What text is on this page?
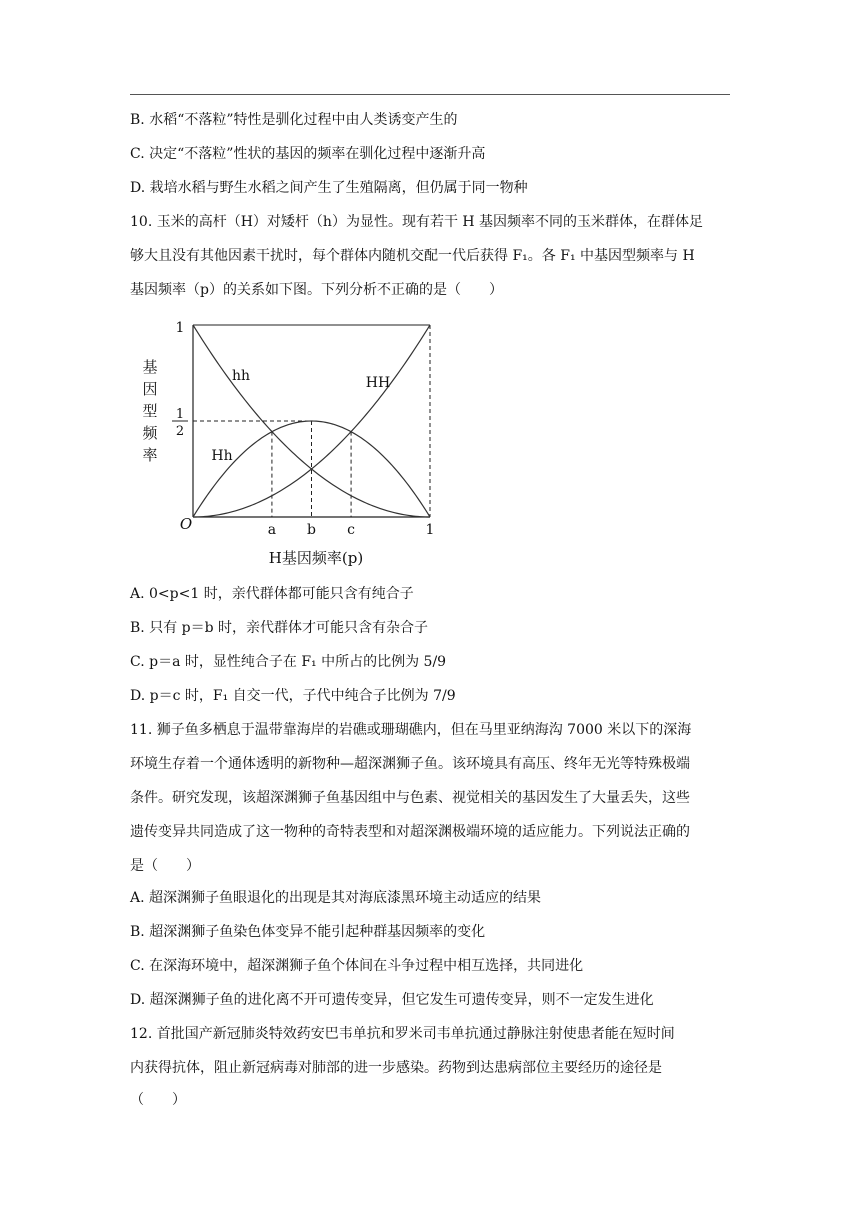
B. 水稻“不落粒”特性是驯化过程中由人类诱变产生的
C. 决定“不落粒”性状的基因的频率在驯化过程中逐渐升高
D. 栽培水稻与野生水稻之间产生了生殖隔离，但仍属于同一物种
10. 玉米的高杆（H）对矮杆（h）为显性。现有若干 H 基因频率不同的玉米群体，在群体足
够大且没有其他因素干扰时，每个群体内随机交配一代后获得 F₁。各 F₁ 中基因型频率与 H
基因频率（p）的关系如下图。下列分析不正确的是（　　）
基
因
型
频
率
1
1
2
O	a b c	1
H基因频率(p)
hh
Hh
HH
A. 0<p<1 时，亲代群体都可能只含有纯合子
B. 只有 p＝b 时，亲代群体才可能只含有杂合子
C. p＝a 时，显性纯合子在 F₁ 中所占的比例为 5/9
D. p＝c 时，F₁ 自交一代，子代中纯合子比例为 7/9
11. 狮子鱼多栖息于温带靠海岸的岩礁或珊瑚礁内，但在马里亚纳海沟 7000 米以下的深海
环境生存着一个通体透明的新物种—超深渊狮子鱼。该环境具有高压、终年无光等特殊极端
条件。研究发现，该超深渊狮子鱼基因组中与色素、视觉相关的基因发生了大量丢失，这些
遗传变异共同造成了这一物种的奇特表型和对超深渊极端环境的适应能力。下列说法正确的
是（　　）
A. 超深渊狮子鱼眼退化的出现是其对海底漆黑环境主动适应的结果
B. 超深渊狮子鱼染色体变异不能引起种群基因频率的变化
C. 在深海环境中，超深渊狮子鱼个体间在斗争过程中相互选择，共同进化
D. 超深渊狮子鱼的进化离不开可遗传变异，但它发生可遗传变异，则不一定发生进化
12. 首批国产新冠肺炎特效药安巴韦单抗和罗米司韦单抗通过静脉注射使患者能在短时间
内获得抗体，阻止新冠病毒对肺部的进一步感染。药物到达患病部位主要经历的途径是
（　　）
